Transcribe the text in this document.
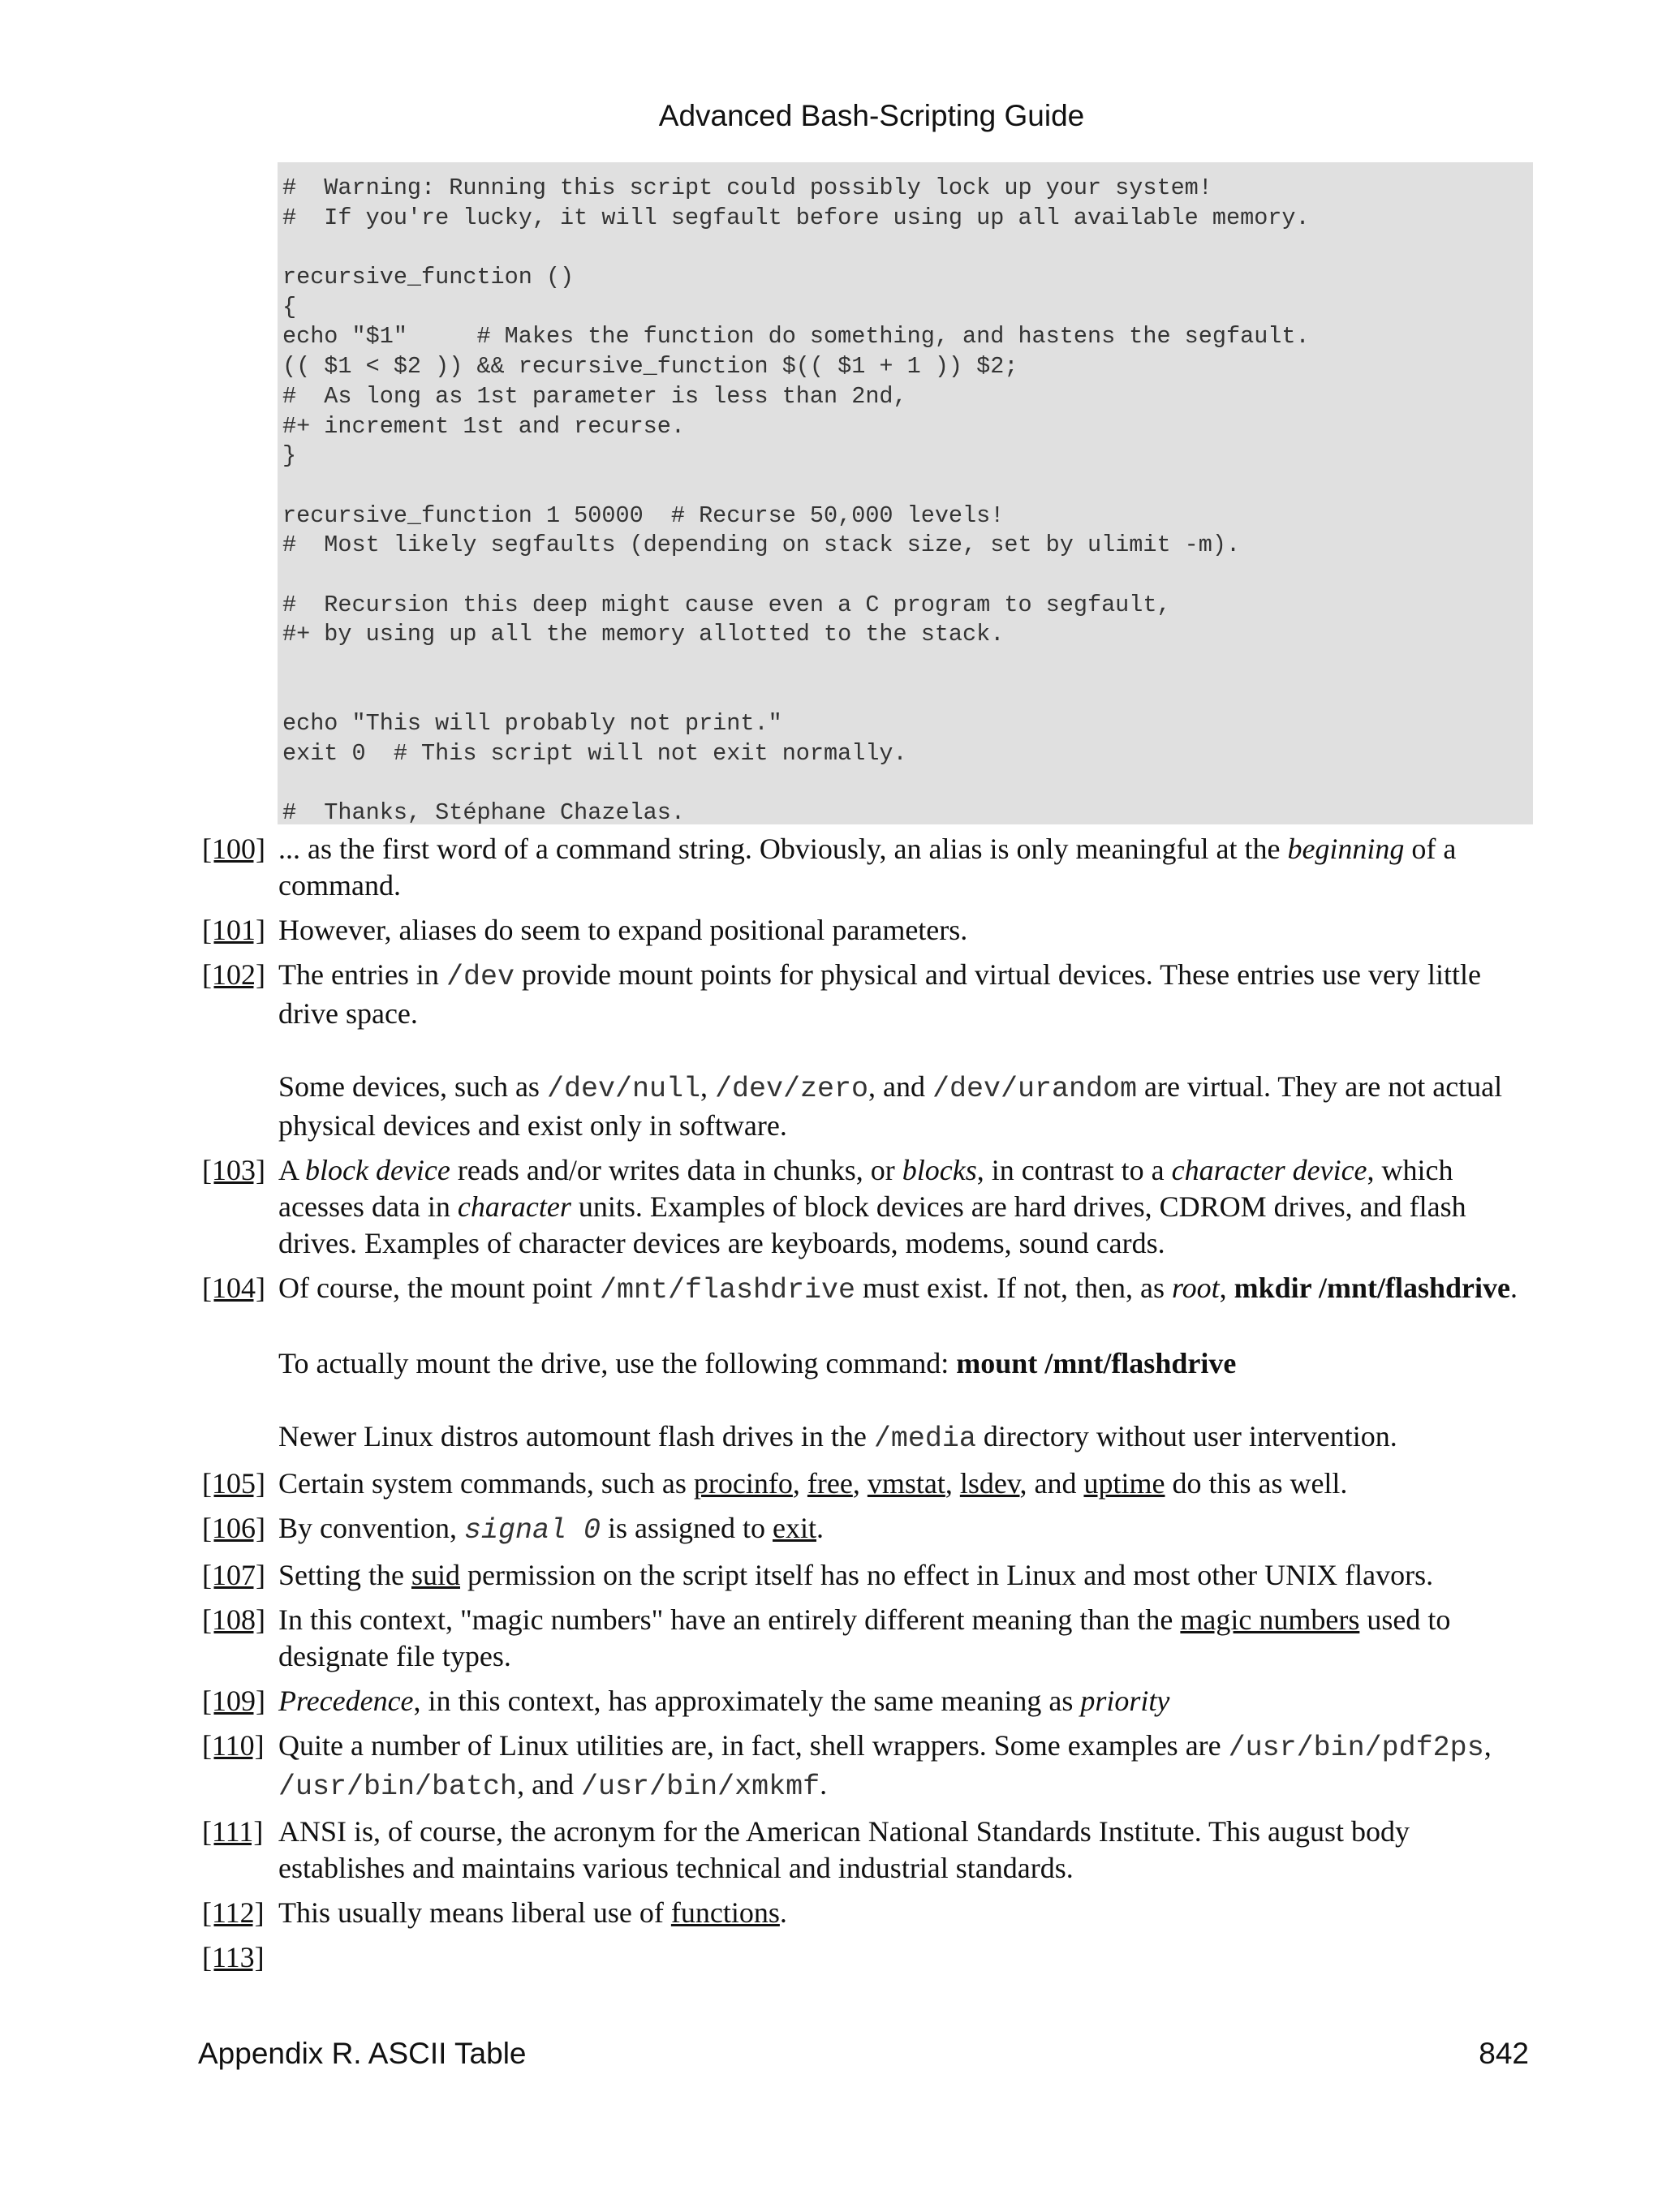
Advanced Bash-Scripting Guide
#  Warning: Running this script could possibly lock up your system!
#  If you're lucky, it will segfault before using up all available memory.
recursive_function ()
{
echo "$1"     # Makes the function do something, and hastens the segfault.
(( $1 < $2 )) && recursive_function $(( $1 + 1 )) $2;
#  As long as 1st parameter is less than 2nd,
#+ increment 1st and recurse.
}
recursive_function 1 50000  # Recurse 50,000 levels!
#  Most likely segfaults (depending on stack size, set by ulimit -m).
#  Recursion this deep might cause even a C program to segfault,
#+ by using up all the memory allotted to the stack.
echo "This will probably not print."
exit 0  # This script will not exit normally.
#  Thanks, Stéphane Chazelas.
[100] ... as the first word of a command string. Obviously, an alias is only meaningful at the beginning of a command.
[101] However, aliases do seem to expand positional parameters.
[102] The entries in /dev provide mount points for physical and virtual devices. These entries use very little drive space.

Some devices, such as /dev/null, /dev/zero, and /dev/urandom are virtual. They are not actual physical devices and exist only in software.

[103] A block device reads and/or writes data in chunks, or blocks, in contrast to a character device, which acesses data in character units. Examples of block devices are hard drives, CDROM drives, and flash drives. Examples of character devices are keyboards, modems, sound cards.
[104] Of course, the mount point /mnt/flashdrive must exist. If not, then, as root, mkdir /mnt/flashdrive.

To actually mount the drive, use the following command: mount /mnt/flashdrive

Newer Linux distros automount flash drives in the /media directory without user intervention.

[105] Certain system commands, such as procinfo, free, vmstat, lsdev, and uptime do this as well.
[106] By convention, signal 0 is assigned to exit.
[107] Setting the suid permission on the script itself has no effect in Linux and most other UNIX flavors.
[108] In this context, "magic numbers" have an entirely different meaning than the magic numbers used to designate file types.
[109] Precedence, in this context, has approximately the same meaning as priority
[110] Quite a number of Linux utilities are, in fact, shell wrappers. Some examples are /usr/bin/pdf2ps, /usr/bin/batch, and /usr/bin/xmkmf.
[111] ANSI is, of course, the acronym for the American National Standards Institute. This august body establishes and maintains various technical and industrial standards.
[112] This usually means liberal use of functions.
[113]
Appendix R. ASCII Table	842
